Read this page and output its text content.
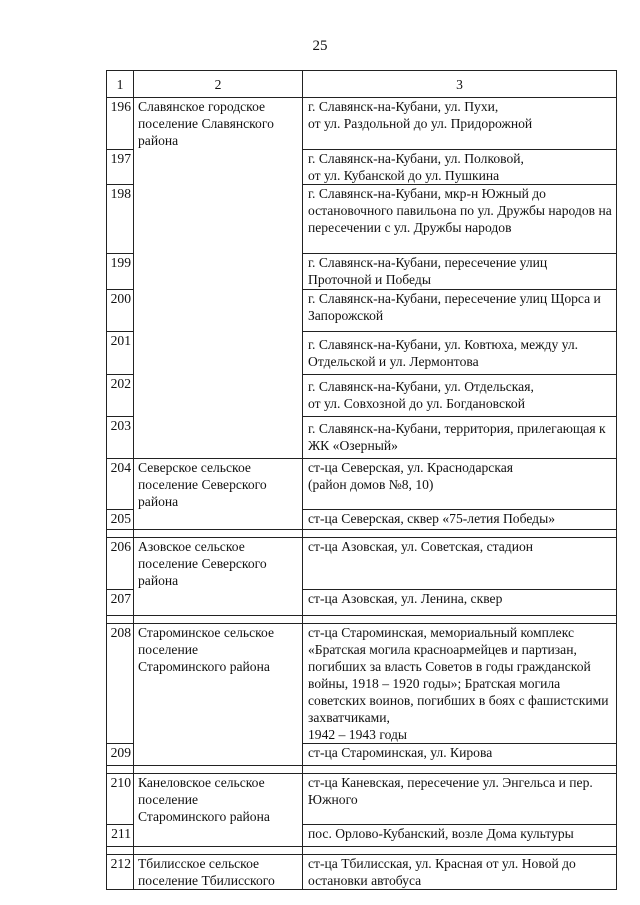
25
1	2	3
196	Славянское городское поселение Славянского района	г. Славянск-на-Кубани, ул. Пухи,
от ул. Раздольной до ул. Придорожной
197		г. Славянск-на-Кубани, ул. Полковой,
от ул. Кубанской до ул. Пушкина
198		г. Славянск-на-Кубани, мкр-н Южный до остановочного павильона по ул. Дружбы народов на пересечении с ул. Дружбы народов
199		г. Славянск-на-Кубани, пересечение улиц Проточной и Победы
200		г. Славянск-на-Кубани, пересечение улиц Щорса и Запорожской
201		г. Славянск-на-Кубани, ул. Ковтюха, между ул. Отдельской и ул. Лермонтова
202		г. Славянск-на-Кубани, ул. Отдельская,
от ул. Совхозной до ул. Богдановской
203		г. Славянск-на-Кубани, территория, прилегающая к ЖК «Озерный»
204	Северское сельское поселение Северского района	ст-ца Северская, ул. Краснодарская
(район домов №8, 10)
205		ст-ца Северская, сквер «75-летия Победы»

206	Азовское сельское поселение Северского района	ст-ца Азовская, ул. Советская, стадион
207		ст-ца Азовская, ул. Ленина, сквер

208	Староминское сельское поселение
Староминского района	ст-ца Староминская, мемориальный комплекс «Братская могила красноармейцев и партизан, погибших за власть Советов в годы гражданской войны, 1918 – 1920 годы»; Братская могила советских воинов, погибших в боях с фашистскими захватчиками,
1942 – 1943 годы
209		ст-ца Староминская, ул. Кирова

210	Канеловское сельское поселение
Староминского района	ст-ца Каневская, пересечение ул. Энгельса и пер. Южного
211		пос. Орлово-Кубанский, возле Дома культуры

212	Тбилисское сельское поселение Тбилисского	ст-ца Тбилисская, ул. Красная от ул. Новой до остановки автобуса
